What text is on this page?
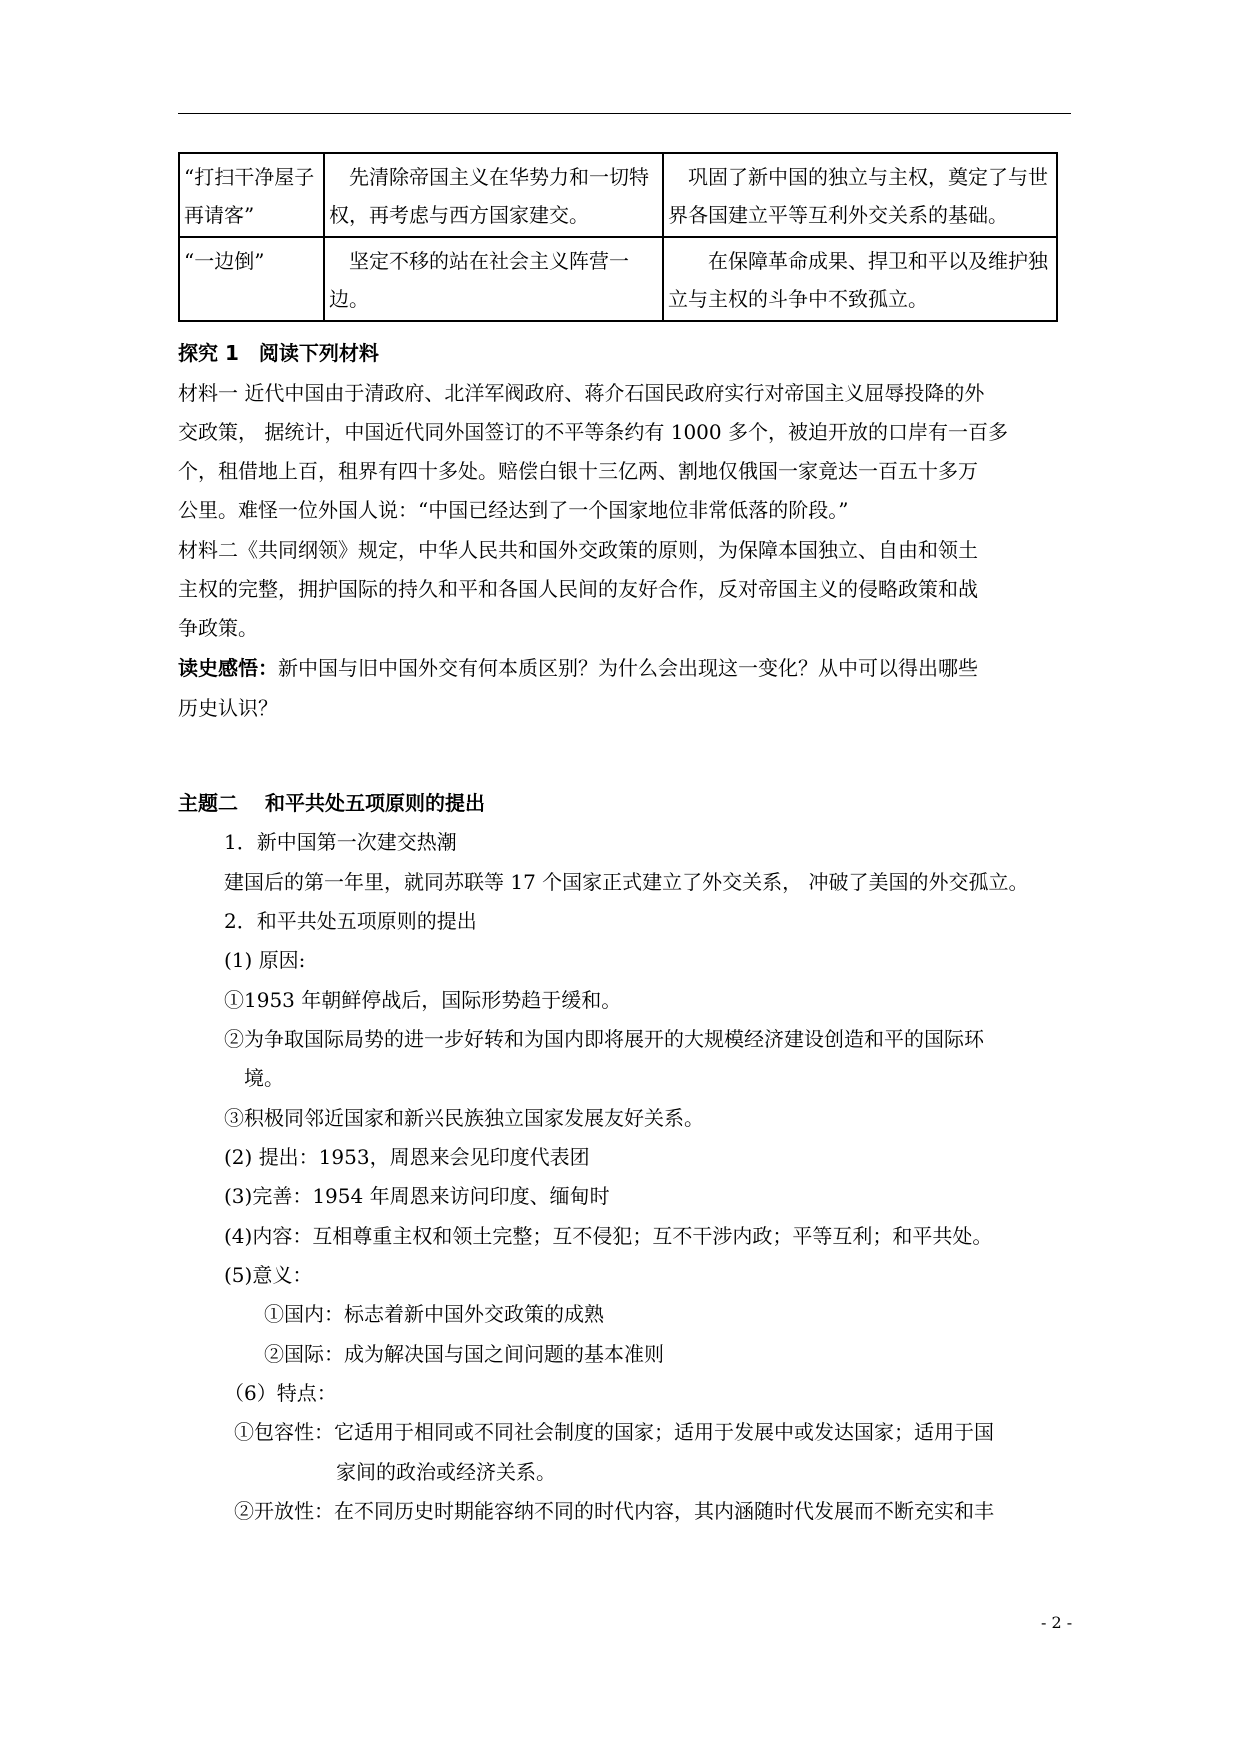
“打扫干净屋子再请客”	　先清除帝国主义在华势力和一切特权，再考虑与西方国家建交。	　巩固了新中国的独立与主权，奠定了与世界各国建立平等互利外交关系的基础。
“一边倒”	　坚定不移的站在社会主义阵营一边。	　　在保障革命成果、捍卫和平以及维护独立与主权的斗争中不致孤立。
探究 1　阅读下列材料
材料一 近代中国由于清政府、北洋军阀政府、蒋介石国民政府实行对帝国主义屈辱投降的外
交政策， 据统计，中国近代同外国签订的不平等条约有 1000 多个，被迫开放的口岸有一百多
个，租借地上百，租界有四十多处。赔偿白银十三亿两、割地仅俄国一家竟达一百五十多万
公里。难怪一位外国人说：“中国已经达到了一个国家地位非常低落的阶段。”
材料二《共同纲领》规定，中华人民共和国外交政策的原则，为保障本国独立、自由和领土
主权的完整，拥护国际的持久和平和各国人民间的友好合作，反对帝国主义的侵略政策和战
争政策。
读史感悟：新中国与旧中国外交有何本质区别？为什么会出现这一变化？从中可以得出哪些
历史认识？
主题二　 和平共处五项原则的提出
1．新中国第一次建交热潮
建国后的第一年里，就同苏联等 17 个国家正式建立了外交关系， 冲破了美国的外交孤立。
2．和平共处五项原则的提出
(1) 原因:
①1953 年朝鲜停战后，国际形势趋于缓和。
②为争取国际局势的进一步好转和为国内即将展开的大规模经济建设创造和平的国际环
境。
③积极同邻近国家和新兴民族独立国家发展友好关系。
(2) 提出：1953，周恩来会见印度代表团
(3)完善：1954 年周恩来访问印度、缅甸时
(4)内容：互相尊重主权和领土完整；互不侵犯；互不干涉内政；平等互利；和平共处。
(5)意义：
①国内：标志着新中国外交政策的成熟
②国际：成为解决国与国之间问题的基本准则
（6）特点：
①包容性：它适用于相同或不同社会制度的国家；适用于发展中或发达国家；适用于国
家间的政治或经济关系。
②开放性：在不同历史时期能容纳不同的时代内容，其内涵随时代发展而不断充实和丰
- 2 -
